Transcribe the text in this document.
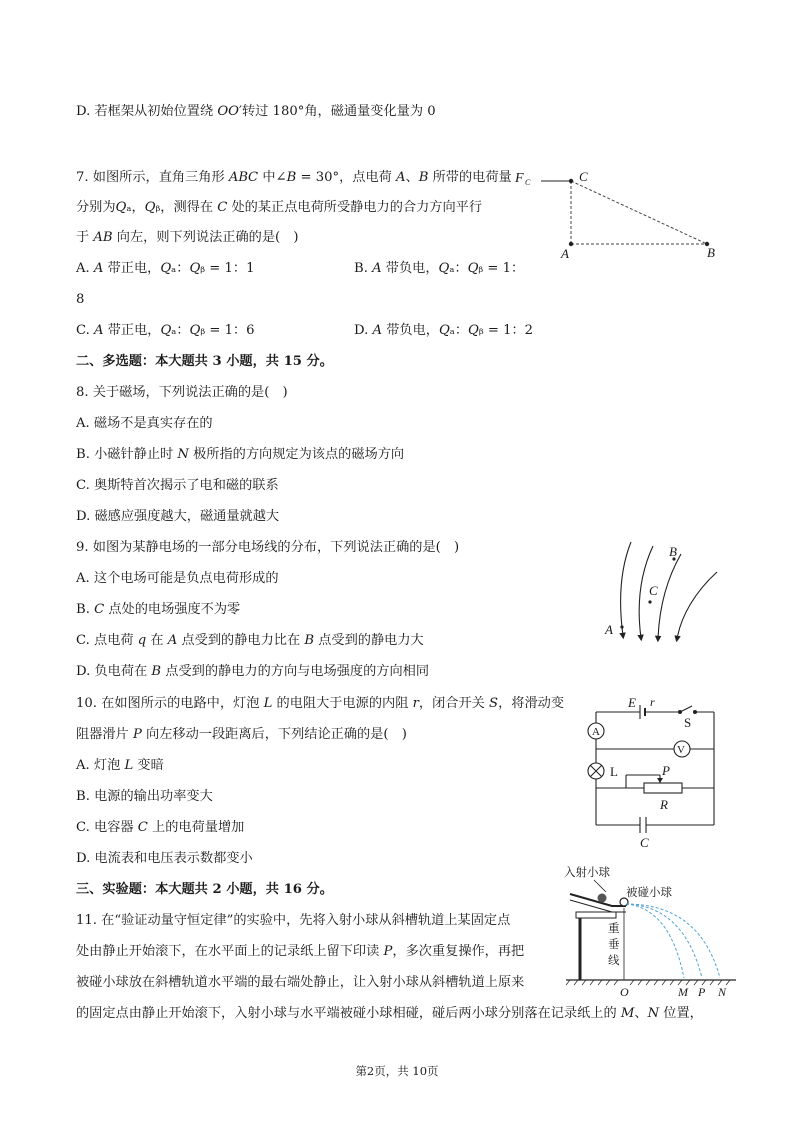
D. 若框架从初始位置绕 𝑂𝑂′转过 180°角，磁通量变化量为 0
7. 如图所示，直角三角形 𝐴𝐵𝐶 中∠𝐵 = 30°，点电荷 𝐴、𝐵 所带的电荷量
分别为𝑄ₐ，𝑄ᵦ，测得在 𝐶 处的某正点电荷所受静电力的合力方向平行
于 𝐴𝐵 向左，则下列说法正确的是(　)
A. 𝐴 带正电，𝑄ₐ：𝑄ᵦ = 1：1	B. 𝐴 带负电，𝑄ₐ：𝑄ᵦ = 1：
8
C. 𝐴 带正电，𝑄ₐ：𝑄ᵦ = 1：6	D. 𝐴 带负电，𝑄ₐ：𝑄ᵦ = 1：2
F C	C
A	B
二、多选题：本大题共 3 小题，共 15 分。
8. 关于磁场，下列说法正确的是(　)
A. 磁场不是真实存在的
B. 小磁针静止时 𝑁 极所指的方向规定为该点的磁场方向
C. 奥斯特首次揭示了电和磁的联系
D. 磁感应强度越大，磁通量就越大
9. 如图为某静电场的一部分电场线的分布，下列说法正确的是(　)
A. 这个电场可能是负点电荷形成的
B. 𝐶 点处的电场强度不为零
C. 点电荷 𝑞 在 𝐴 点受到的静电力比在 𝐵 点受到的静电力大
D. 负电荷在 𝐵 点受到的静电力的方向与电场强度的方向相同
B
C
A
10. 在如图所示的电路中，灯泡 𝐿 的电阻大于电源的内阻 𝑟，闭合开关 𝑆，将滑动变
阻器滑片 𝑃 向左移动一段距离后，下列结论正确的是(　)
A. 灯泡 𝐿 变暗
B. 电源的输出功率变大
C. 电容器 𝐶 上的电荷量增加
D. 电流表和电压表示数都变小
E r
S
A
V
L	P
R
C
三、实验题：本大题共 2 小题，共 16 分。
11. 在“验证动量守恒定律”的实验中，先将入射小球从斜槽轨道上某固定点
处由静止开始滚下，在水平面上的记录纸上留下印读 𝑃，多次重复操作，再把
被碰小球放在斜槽轨道水平端的最右端处静止，让入射小球从斜槽轨道上原来
的固定点由静止开始滚下，入射小球与水平端被碰小球相碰，碰后两小球分别落在记录纸上的 𝑀、𝑁 位置，
入射小球
被碰小球
重
垂
线
O	M P N
第2页，共 10页
